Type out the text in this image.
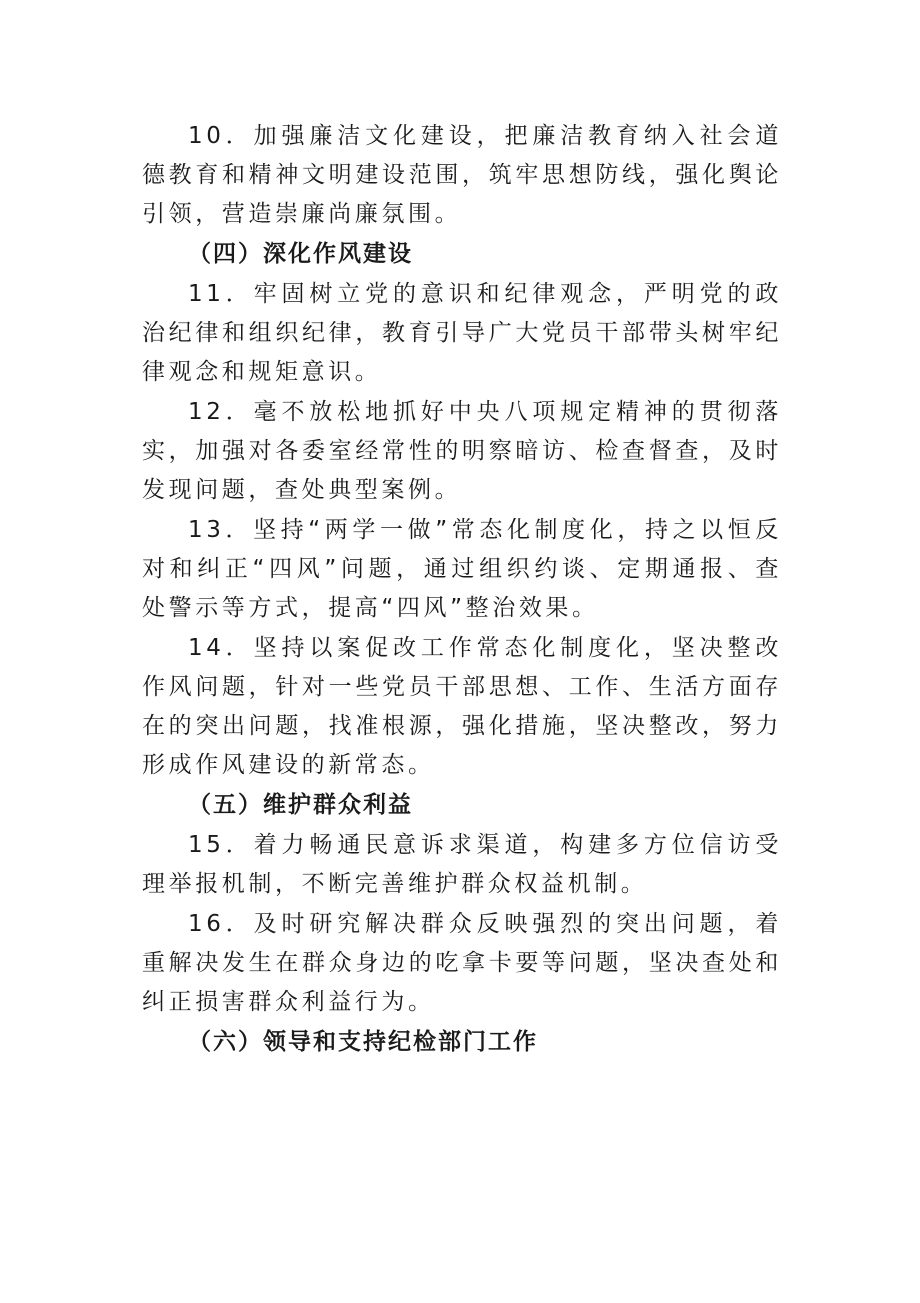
10．加强廉洁文化建设，把廉洁教育纳入社会道德教育和精神文明建设范围，筑牢思想防线，强化舆论引领，营造崇廉尚廉氛围。

（四）深化作风建设

11．牢固树立党的意识和纪律观念，严明党的政治纪律和组织纪律，教育引导广大党员干部带头树牢纪律观念和规矩意识。

12．毫不放松地抓好中央八项规定精神的贯彻落实，加强对各委室经常性的明察暗访、检查督查，及时发现问题，查处典型案例。

13．坚持“两学一做”常态化制度化，持之以恒反对和纠正“四风”问题，通过组织约谈、定期通报、查处警示等方式，提高“四风”整治效果。

14．坚持以案促改工作常态化制度化，坚决整改作风问题，针对一些党员干部思想、工作、生活方面存在的突出问题，找准根源，强化措施，坚决整改，努力形成作风建设的新常态。

（五）维护群众利益

15．着力畅通民意诉求渠道，构建多方位信访受理举报机制，不断完善维护群众权益机制。

16．及时研究解决群众反映强烈的突出问题，着重解决发生在群众身边的吃拿卡要等问题，坚决查处和纠正损害群众利益行为。

（六）领导和支持纪检部门工作
